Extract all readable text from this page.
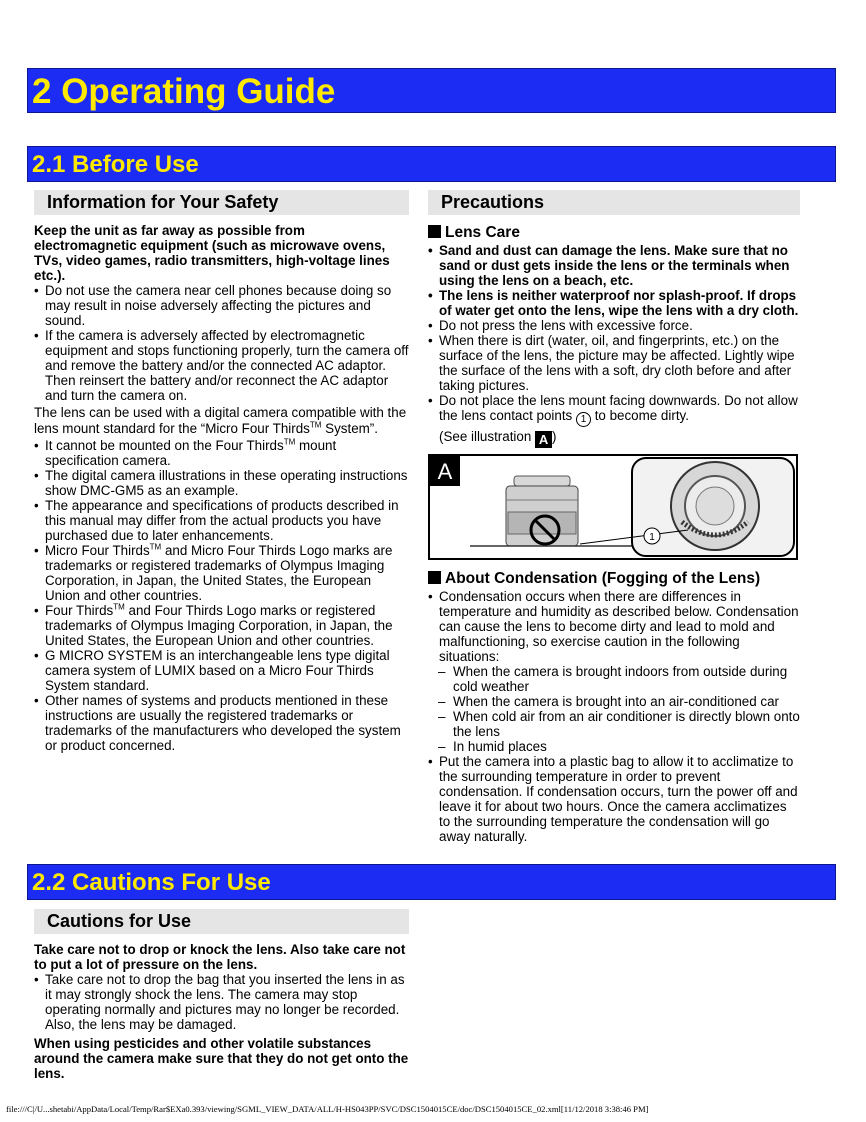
2 Operating Guide
2.1 Before Use
Information for Your Safety

Keep the unit as far away as possible from electromagnetic equipment (such as microwave ovens, TVs, video games, radio transmitters, high-voltage lines etc.).

• Do not use the camera near cell phones because doing so may result in noise adversely affecting the pictures and sound.
• If the camera is adversely affected by electromagnetic equipment and stops functioning properly, turn the camera off and remove the battery and/or the connected AC adaptor. Then reinsert the battery and/or reconnect the AC adaptor and turn the camera on.

The lens can be used with a digital camera compatible with the lens mount standard for the “Micro Four Thirds™ System”.

• It cannot be mounted on the Four Thirds™ mount specification camera.
• The digital camera illustrations in these operating instructions show DMC-GM5 as an example.
• The appearance and specifications of products described in this manual may differ from the actual products you have purchased due to later enhancements.
• Micro Four Thirds™ and Micro Four Thirds Logo marks are trademarks or registered trademarks of Olympus Imaging Corporation, in Japan, the United States, the European Union and other countries.
• Four Thirds™ and Four Thirds Logo marks or registered trademarks of Olympus Imaging Corporation, in Japan, the United States, the European Union and other countries.
• G MICRO SYSTEM is an interchangeable lens type digital camera system of LUMIX based on a Micro Four Thirds System standard.
• Other names of systems and products mentioned in these instructions are usually the registered trademarks or trademarks of the manufacturers who developed the system or product concerned.
Precautions
Lens Care
• Sand and dust can damage the lens. Make sure that no sand or dust gets inside the lens or the terminals when using the lens on a beach, etc.
• The lens is neither waterproof nor splash-proof. If drops of water get onto the lens, wipe the lens with a dry cloth.
• Do not press the lens with excessive force.
• When there is dirt (water, oil, and fingerprints, etc.) on the surface of the lens, the picture may be affected. Lightly wipe the surface of the lens with a soft, dry cloth before and after taking pictures.
• Do not place the lens mount facing downwards. Do not allow the lens contact points 1 to become dirty.

(See illustration A )

A
1
About Condensation (Fogging of the Lens)
• Condensation occurs when there are differences in temperature and humidity as described below. Condensation can cause the lens to become dirty and lead to mold and malfunctioning, so exercise caution in the following situations:
– When the camera is brought indoors from outside during cold weather
– When the camera is brought into an air-conditioned car
– When cold air from an air conditioner is directly blown onto the lens
– In humid places
• Put the camera into a plastic bag to allow it to acclimatize to the surrounding temperature in order to prevent condensation. If condensation occurs, turn the power off and leave it for about two hours. Once the camera acclimatizes to the surrounding temperature the condensation will go away naturally.
2.2 Cautions For Use
Cautions for Use

Take care not to drop or knock the lens. Also take care not to put a lot of pressure on the lens.

• Take care not to drop the bag that you inserted the lens in as it may strongly shock the lens. The camera may stop operating normally and pictures may no longer be recorded. Also, the lens may be damaged.

When using pesticides and other volatile substances around the camera make sure that they do not get onto the lens.

file:///C|/U...shetabi/AppData/Local/Temp/Rar$EXa0.393/viewing/SGML_VIEW_DATA/ALL/H-HS043PP/SVC/DSC1504015CE/doc/DSC1504015CE_02.xml[11/12/2018 3:38:46 PM]
